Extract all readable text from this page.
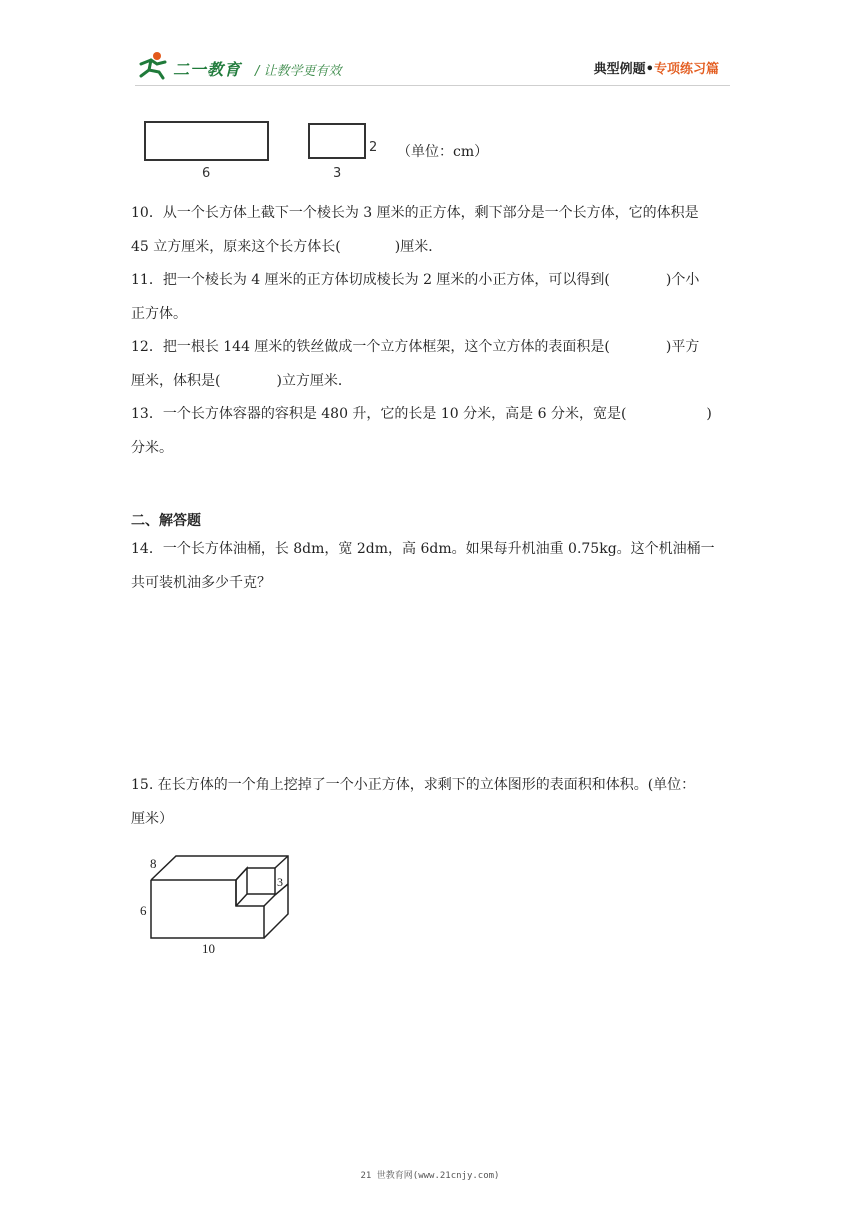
二一教育 / 让教学更有效	典型例题•专项练习篇
6	3
2 （单位：cm）
10．从一个长方体上截下一个棱长为 3 厘米的正方体，剩下部分是一个长方体，它的体积是
45 立方厘米，原来这个长方体长(	)厘米．
11．把一个棱长为 4 厘米的正方体切成棱长为 2 厘米的小正方体，可以得到(	)个小
正方体。
12．把一根长 144 厘米的铁丝做成一个立方体框架，这个立方体的表面积是(	)平方
厘米，体积是(	)立方厘米．
13．一个长方体容器的容积是 480 升，它的长是 10 分米，高是 6 分米，宽是(	)
分米。
二、解答题
14．一个长方体油桶，长 8dm，宽 2dm，高 6dm。如果每升机油重 0.75kg。这个机油桶一
共可装机油多少千克？
15. 在长方体的一个角上挖掉了一个小正方体，求剩下的立体图形的表面积和体积。(单位：
厘米）
8
6
10
3
21 世教育网(www.21cnjy.com)
